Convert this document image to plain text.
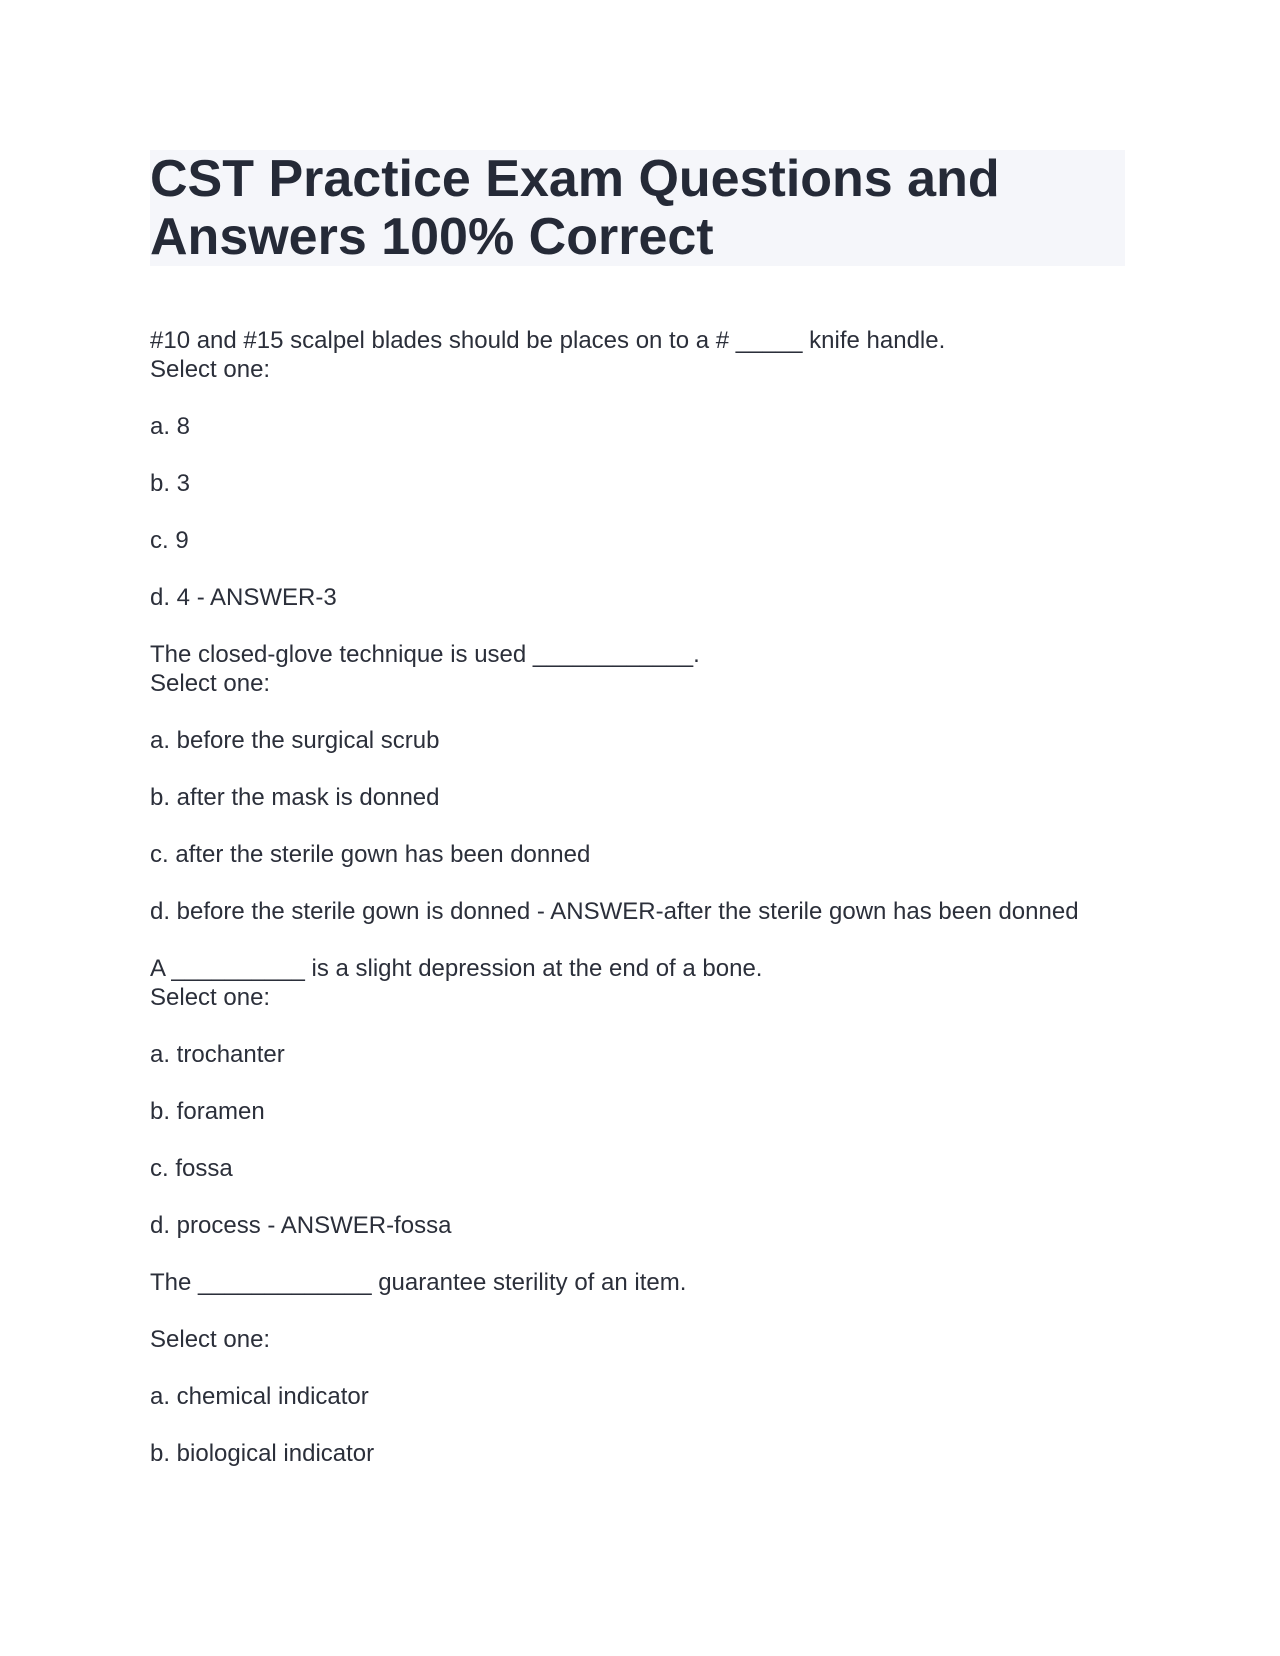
CST Practice Exam Questions and Answers 100% Correct
#10 and #15 scalpel blades should be places on to a # _____ knife handle.
Select one:
a. 8
b. 3
c. 9
d. 4 - ANSWER-3
The closed-glove technique is used ____________.
Select one:
a. before the surgical scrub
b. after the mask is donned
c. after the sterile gown has been donned
d. before the sterile gown is donned - ANSWER-after the sterile gown has been donned
A __________ is a slight depression at the end of a bone.
Select one:
a. trochanter
b. foramen
c. fossa
d. process - ANSWER-fossa
The _____________ guarantee sterility of an item.
Select one:
a. chemical indicator
b. biological indicator
